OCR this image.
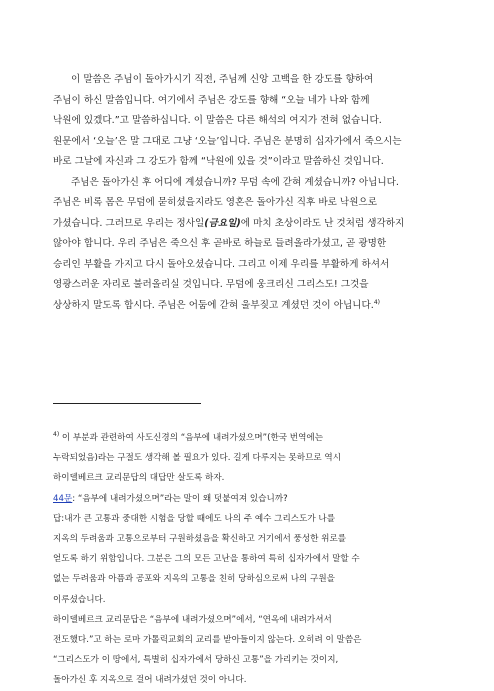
이 말씀은 주님이 돌아가시기 직전, 주님께 신앙 고백을 한 강도를 향하여
주님이 하신 말씀입니다. 여기에서 주님은 강도를 향해 “오늘 네가 나와 함께
낙원에 있겠다.”고 말씀하십니다. 이 말씀은 다른 해석의 여지가 전혀 없습니다.
원문에서 ‘오늘’은 말 그대로 그냥 ‘오늘’입니다. 주님은 분명히 십자가에서 죽으시는
바로 그날에 자신과 그 강도가 함께 “낙원에 있을 것”이라고 말씀하신 것입니다.
주님은 돌아가신 후 어디에 계셨습니까? 무덤 속에 갇혀 계셨습니까? 아닙니다.
주님은 비록 몸은 무덤에 묻히셨을지라도 영혼은 돌아가신 직후 바로 낙원으로
가셨습니다. 그러므로 우리는 정사일(금요일)에 마치 초상이라도 난 것처럼 생각하지
않아야 합니다. 우리 주님은 죽으신 후 곧바로 하늘로 들려올라가셨고, 곧 광명한
승리인 부활을 가지고 다시 돌아오셨습니다. 그리고 이제 우리를 부활하게 하셔서
영광스러운 자리로 불러올리실 것입니다. 무덤에 웅크리신 그리스도! 그것을
상상하지 말도록 합시다. 주님은 어둠에 갇혀 울부짖고 계셨던 것이 아닙니다.$^{4)}$
$^{4)}$ 이 부분과 관련하여 사도신경의 “음부에 내려가셨으며”(한국 번역에는
누락되었음)라는 구절도 생각해 볼 필요가 있다. 길게 다루지는 못하므로 역시
하이델베르크 교리문답의 대답만 살도록 하자.
44문: “음부에 내려가셨으며”라는 말이 왜 덧붙여져 있습니까?
답:내가 큰 고통과 중대한 시험을 당할 때에도 나의 주 예수 그리스도가 나를
지옥의 두려움과 고통으로부터 구원하셨음을 확신하고 거기에서 풍성한 위로를
얻도록 하기 위함입니다. 그분은 그의 모든 고난을 통하여 특히 십자가에서 말할 수
없는 두려움과 아픔과 공포와 지옥의 고통을 친히 당하심으로써 나의 구원을
이루셨습니다.
하이델베르크 교리문답은 “음부에 내려가셨으며”에서, “연옥에 내려가셔서
전도했다.”고 하는 로마 가톨릭교회의 교리를 받아들이지 않는다. 오히려 이 말씀은
“그리스도가 이 땅에서, 특별히 십자가에서 당하신 고통”을 가리키는 것이지,
돌아가신 후 지옥으로 걸어 내려가셨던 것이 아니다.
